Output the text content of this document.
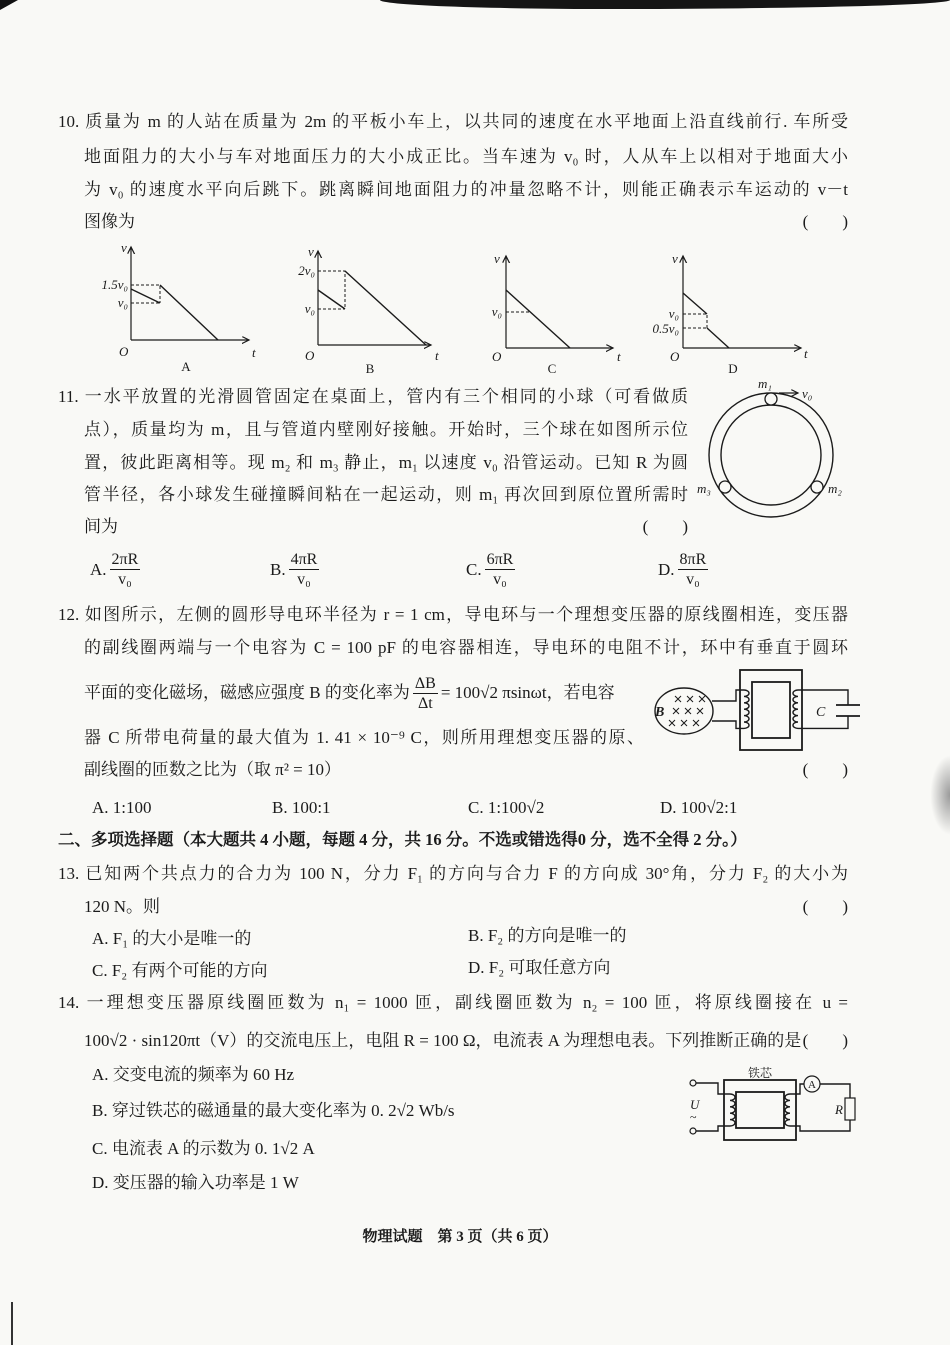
10. 质量为 m 的人站在质量为 2m 的平板小车上，以共同的速度在水平地面上沿直线前行. 车所受
地面阻力的大小与车对地面压力的大小成正比。当车速为 v₀ 时，人从车上以相对于地面大小
为 v₀ 的速度水平向后跳下。跳离瞬间地面阻力的冲量忽略不计，则能正确表示车运动的 v－t
图像为	(　　)
v
t
O
1.5v₀
v₀
A
v
t
O
2v₀
v₀
B
v
t
O
v₀
C
v
t
O
v₀
0.5v₀
D
11. 一水平放置的光滑圆管固定在桌面上，管内有三个相同的小球（可看做质
点），质量均为 m，且与管道内壁刚好接触。开始时，三个球在如图所示位
置，彼此距离相等。现 m₂ 和 m₃ 静止，m₁ 以速度 v₀ 沿管运动。已知 R 为圆
管半径，各小球发生碰撞瞬间粘在一起运动，则 m₁ 再次回到原位置所需时
间为	(　　)
A. $\frac{2\pi R}{\text{v₀}}$	B. $\frac{4\pi R}{\text{v₀}}$	C. $\frac{6\pi R}{\text{v₀}}$	D. $\frac{8\pi R}{\text{v₀}}$
m₁
v₀
m₂
m₃
12. 如图所示，左侧的圆形导电环半径为 r = 1 cm，导电环与一个理想变压器的原线圈相连，变压器
的副线圈两端与一个电容为 C = 100 pF 的电容器相连，导电环的电阻不计，环中有垂直于圆环
平面的变化磁场，磁感应强度 B 的变化率为 $\frac{\Delta B}{\Delta t} = 100√2$ πsinωt，若电容
器 C 所带电荷量的最大值为 1. 41 × 10⁻⁹ C，则所用理想变压器的原、
副线圈的匝数之比为（取 π² = 10）	(　　)
A. 1:100	B. 100:1	C. 1:100√2	D. 100√2:1
B	C
二、多项选择题（本大题共 4 小题，每题 4 分，共 16 分。不选或错选得0 分，选不全得 2 分。）
13. 已知两个共点力的合力为 100 N，分力 F₁ 的方向与合力 F 的方向成 30°角，分力 F₂ 的大小为
120 N。则	(　　)
A. F₁ 的大小是唯一的	B. F₂ 的方向是唯一的
C. F₂ 有两个可能的方向	D. F₂ 可取任意方向
14. 一理想变压器原线圈匝数为 n₁ = 1000 匝，副线圈匝数为 n₂ = 100 匝，将原线圈接在 u =
100√2 · sin120πt（V）的交流电压上，电阻 R = 100 Ω，电流表 A 为理想电表。下列推断正确的是 (　　)
A. 交变电流的频率为 60 Hz
B. 穿过铁芯的磁通量的最大变化率为 0. 2√2 Wb/s
C. 电流表 A 的示数为 0. 1√2 A
D. 变压器的输入功率是 1 W
U
~
铁芯
A
R
物理试题　第 3 页（共 6 页）
